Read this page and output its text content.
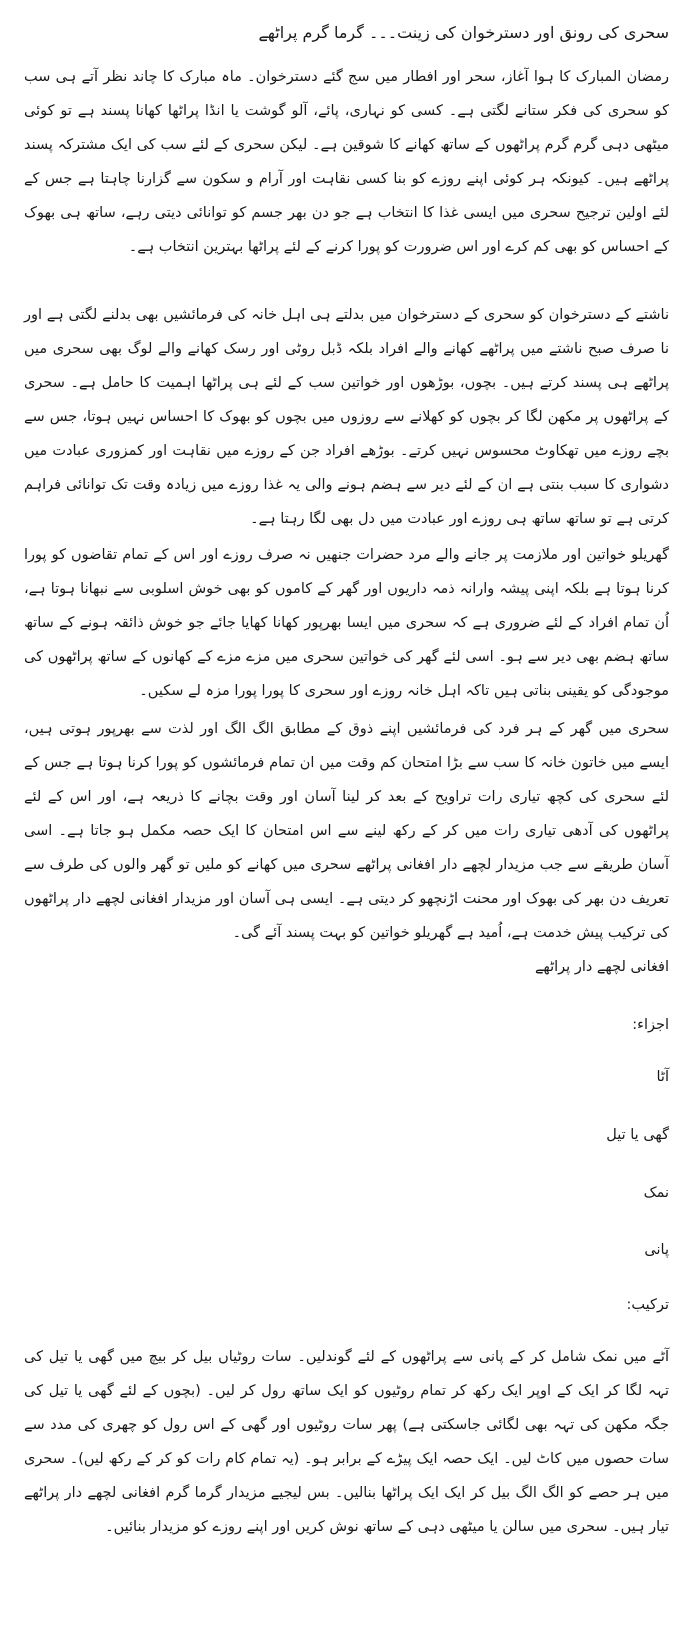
سحری کی رونق اور دسترخوان کی زینت۔۔۔ گرما گرم پراٹھے

رمضان المبارک کا ہوا آغاز، سحر اور افطار میں سج گئے دسترخوان۔ ماہ مبارک کا چاند نظر آتے ہی سب کو سحری کی فکر ستانے لگتی ہے۔ کسی کو نہاری، پائے، آلو گوشت یا انڈا پراٹھا کھانا پسند ہے تو کوئی میٹھی دہی گرم گرم پراٹھوں کے ساتھ کھانے کا شوقین ہے۔ لیکن سحری کے لئے سب کی ایک مشترکہ پسند پراٹھے ہیں۔ کیونکہ ہر کوئی اپنے روزے کو بنا کسی نقاہت اور آرام و سکون سے گزارنا چاہتا ہے جس کے لئے اولین ترجیح سحری میں ایسی غذا کا انتخاب ہے جو دن بھر جسم کو توانائی دیتی رہے، ساتھ ہی بھوک کے احساس کو بھی کم کرے اور اس ضرورت کو پورا کرنے کے لئے پراٹھا بہترین انتخاب ہے۔

ناشتے کے دسترخوان کو سحری کے دسترخوان میں بدلتے ہی اہل خانہ کی فرمائشیں بھی بدلنے لگتی ہے اور نا صرف صبح ناشتے میں پراٹھے کھانے والے افراد بلکہ ڈبل روٹی اور رسک کھانے والے لوگ بھی سحری میں پراٹھے ہی پسند کرتے ہیں۔ بچوں، بوڑھوں اور خواتین سب کے لئے ہی پراٹھا اہمیت کا حامل ہے۔ سحری کے پراٹھوں پر مکھن لگا کر بچوں کو کھلانے سے روزوں میں بچوں کو بھوک کا احساس نہیں ہوتا، جس سے بچے روزے میں تھکاوٹ محسوس نہیں کرتے۔ بوڑھے افراد جن کے روزے میں نقاہت اور کمزوری عبادت میں دشواری کا سبب بنتی ہے ان کے لئے دیر سے ہضم ہونے والی یہ غذا روزے میں زیادہ وقت تک توانائی فراہم کرتی ہے تو ساتھ ساتھ ہی روزے اور عبادت میں دل بھی لگا رہتا ہے۔

گھریلو خواتین اور ملازمت پر جانے والے مرد حضرات جنھیں نہ صرف روزے اور اس کے تمام تقاضوں کو پورا کرنا ہوتا ہے بلکہ اپنی پیشہ وارانہ ذمہ داریوں اور گھر کے کاموں کو بھی خوش اسلوبی سے نبھانا ہوتا ہے، اُن تمام افراد کے لئے ضروری ہے کہ سحری میں ایسا بھرپور کھانا کھایا جائے جو خوش ذائقہ ہونے کے ساتھ ساتھ ہضم بھی دیر سے ہو۔ اسی لئے گھر کی خواتین سحری میں مزے مزے کے کھانوں کے ساتھ پراٹھوں کی موجودگی کو یقینی بناتی ہیں تاکہ اہل خانہ روزے اور سحری کا پورا پورا مزہ لے سکیں۔

سحری میں گھر کے ہر فرد کی فرمائشیں اپنے ذوق کے مطابق الگ الگ اور لذت سے بھرپور ہوتی ہیں، ایسے میں خاتون خانہ کا سب سے بڑا امتحان کم وقت میں ان تمام فرمائشوں کو پورا کرنا ہوتا ہے جس کے لئے سحری کی کچھ تیاری رات تراویح کے بعد کر لینا آسان اور وقت بچانے کا ذریعہ ہے، اور اس کے لئے پراٹھوں کی آدھی تیاری رات میں کر کے رکھ لینے سے اس امتحان کا ایک حصہ مکمل ہو جاتا ہے۔ اسی آسان طریقے سے جب مزیدار لچھے دار افغانی پراٹھے سحری میں کھانے کو ملیں تو گھر والوں کی طرف سے تعریف دن بھر کی بھوک اور محنت اڑنچھو کر دیتی ہے۔ ایسی ہی آسان اور مزیدار افغانی لچھے دار پراٹھوں کی ترکیب پیش خدمت ہے، اُمید ہے گھریلو خواتین کو بہت پسند آئے گی۔

افغانی لچھے دار پراٹھے
اجزاء:
آٹا
گھی یا تیل
نمک
پانی
ترکیب:

آٹے میں نمک شامل کر کے پانی سے پراٹھوں کے لئے گوندلیں۔ سات روٹیاں بیل کر بیچ میں گھی یا تیل کی تہہ لگا کر ایک کے اوپر ایک رکھ کر تمام روٹیوں کو ایک ساتھ رول کر لیں۔ (بچوں کے لئے گھی یا تیل کی جگہ مکھن کی تہہ بھی لگائی جاسکتی ہے) پھر سات روٹیوں اور گھی کے اس رول کو چھری کی مدد سے سات حصوں میں کاٹ لیں۔ ایک حصہ ایک پیڑے کے برابر ہو۔ (یہ تمام کام رات کو کر کے رکھ لیں)۔ سحری میں ہر حصے کو الگ الگ بیل کر ایک ایک پراٹھا بنالیں۔ بس لیجیے مزیدار گرما گرم افغانی لچھے دار پراٹھے تیار ہیں۔ سحری میں سالن یا میٹھی دہی کے ساتھ نوش کریں اور اپنے روزے کو مزیدار بنائیں۔
